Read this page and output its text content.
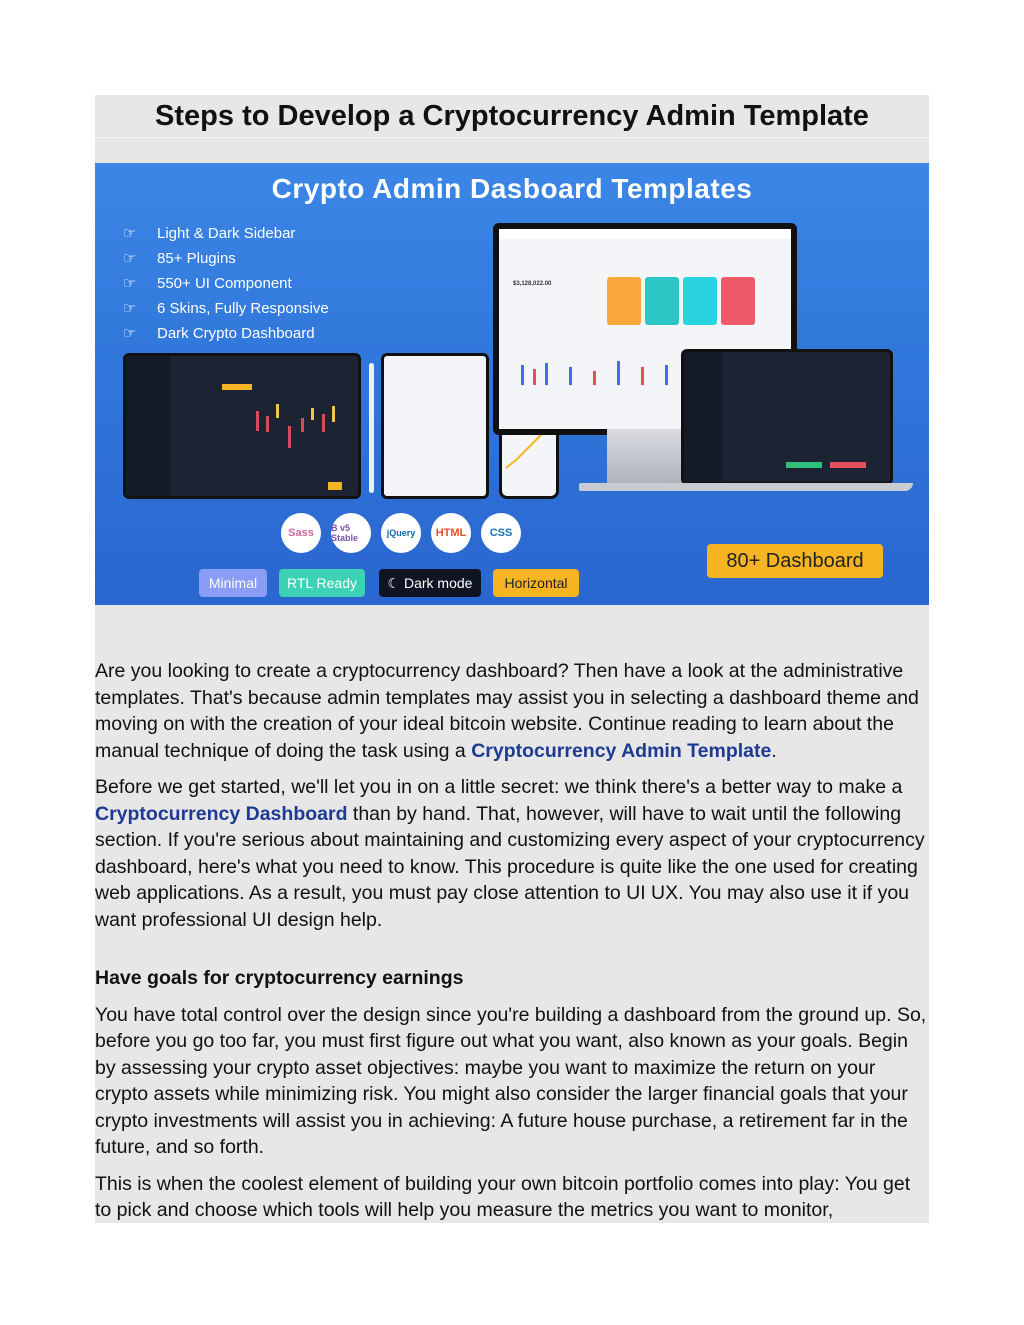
Steps to Develop a Cryptocurrency Admin Template
Crypto Admin Dasboard Templates
☞	Light & Dark Sidebar
☞	85+ Plugins
☞	550+ UI Component
☞	6 Skins, Fully Responsive
☞	Dark Crypto Dashboard
$3,128,022.00
Sass	B v5 Stable	jQuery	HTML	CSS
Minimal	RTL Ready	☾ Dark mode	Horizontal
80+ Dashboard

Are you looking to create a cryptocurrency dashboard? Then have a look at the administrative templates. That's because admin templates may assist you in selecting a dashboard theme and moving on with the creation of your ideal bitcoin website. Continue reading to learn about the manual technique of doing the task using a Cryptocurrency Admin Template.

Before we get started, we'll let you in on a little secret: we think there's a better way to make a Cryptocurrency Dashboard than by hand. That, however, will have to wait until the following section. If you're serious about maintaining and customizing every aspect of your cryptocurrency dashboard, here's what you need to know. This procedure is quite like the one used for creating web applications. As a result, you must pay close attention to UI UX. You may also use it if you want professional UI design help.

Have goals for cryptocurrency earnings

You have total control over the design since you're building a dashboard from the ground up. So, before you go too far, you must first figure out what you want, also known as your goals. Begin by assessing your crypto asset objectives: maybe you want to maximize the return on your crypto assets while minimizing risk. You might also consider the larger financial goals that your crypto investments will assist you in achieving: A future house purchase, a retirement far in the future, and so forth.

This is when the coolest element of building your own bitcoin portfolio comes into play: You get to pick and choose which tools will help you measure the metrics you want to monitor,
